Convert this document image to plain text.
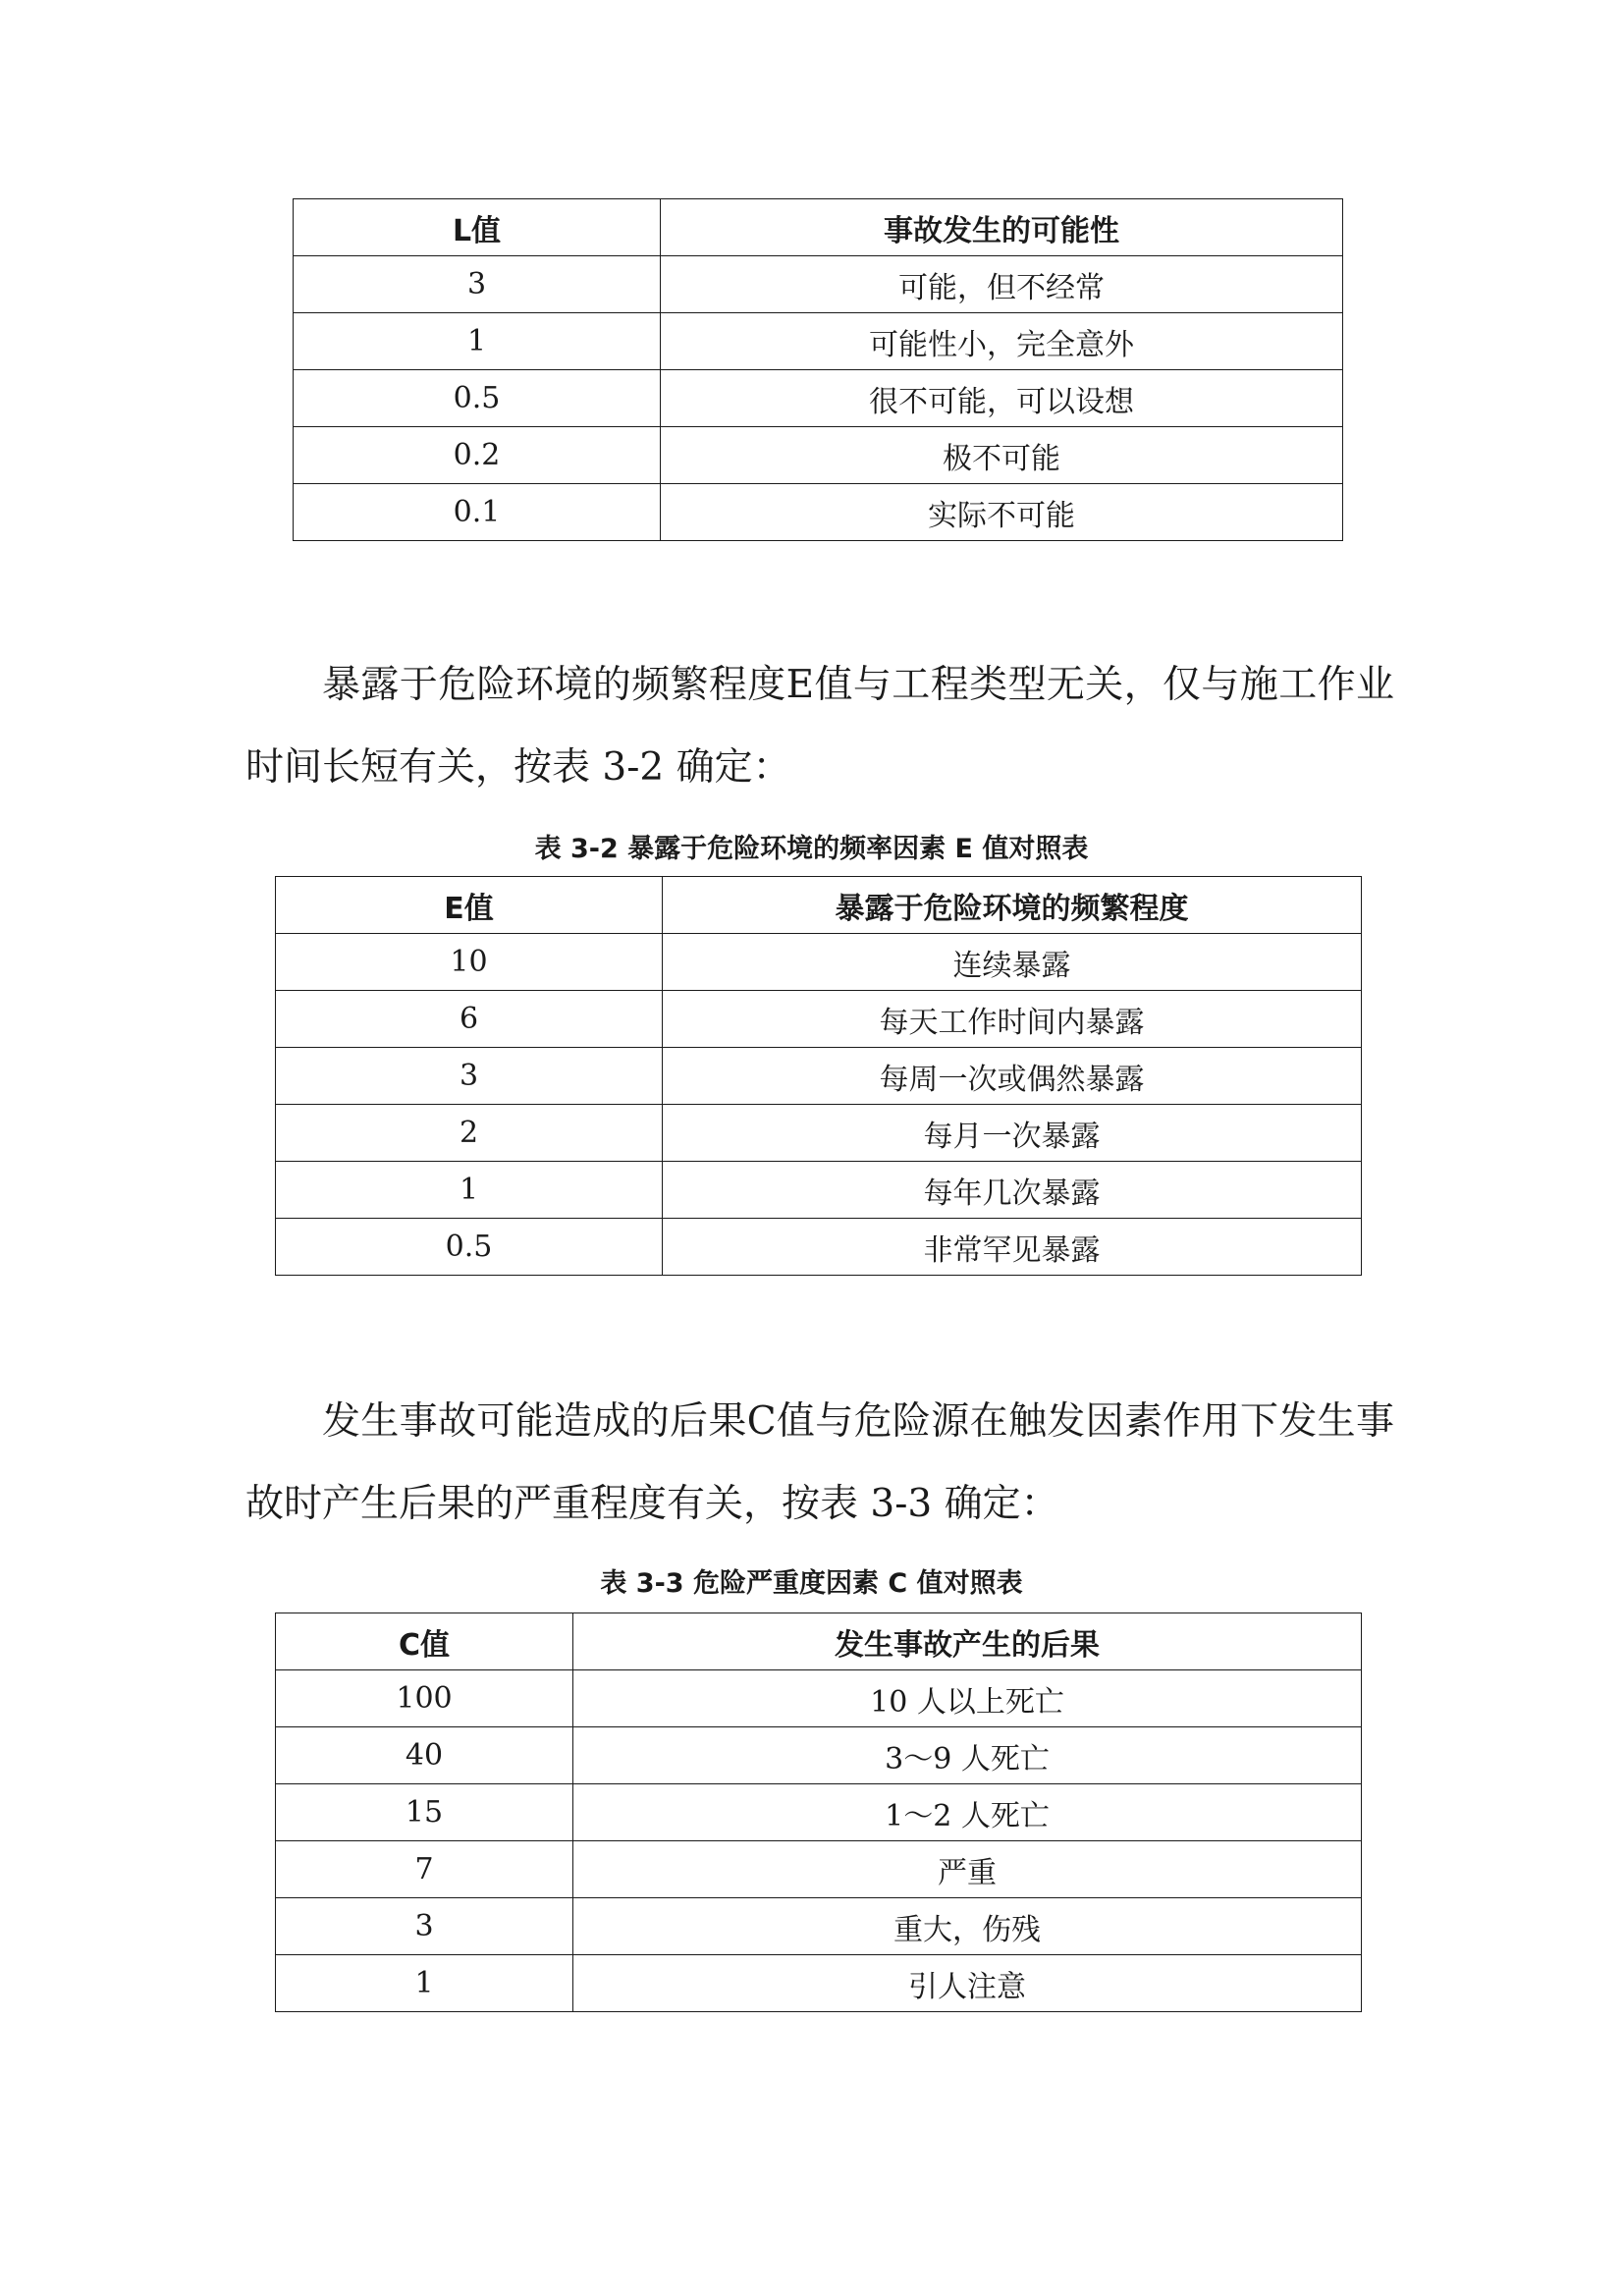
L值	事故发生的可能性
3	可能，但不经常
1	可能性小，完全意外
0.5	很不可能，可以设想
0.2	极不可能
0.1	实际不可能

暴露于危险环境的频繁程度E值与工程类型无关，仅与施工作业时间长短有关，按表 3-2 确定：

表 3-2 暴露于危险环境的频率因素 E 值对照表
E值	暴露于危险环境的频繁程度
10	连续暴露
6	每天工作时间内暴露
3	每周一次或偶然暴露
2	每月一次暴露
1	每年几次暴露
0.5	非常罕见暴露

发生事故可能造成的后果C值与危险源在触发因素作用下发生事故时产生后果的严重程度有关，按表 3-3 确定：

表 3-3 危险严重度因素 C 值对照表
C值	发生事故产生的后果
100	10 人以上死亡
40	3～9 人死亡
15	1～2 人死亡
7	严重
3	重大，伤残
1	引人注意
